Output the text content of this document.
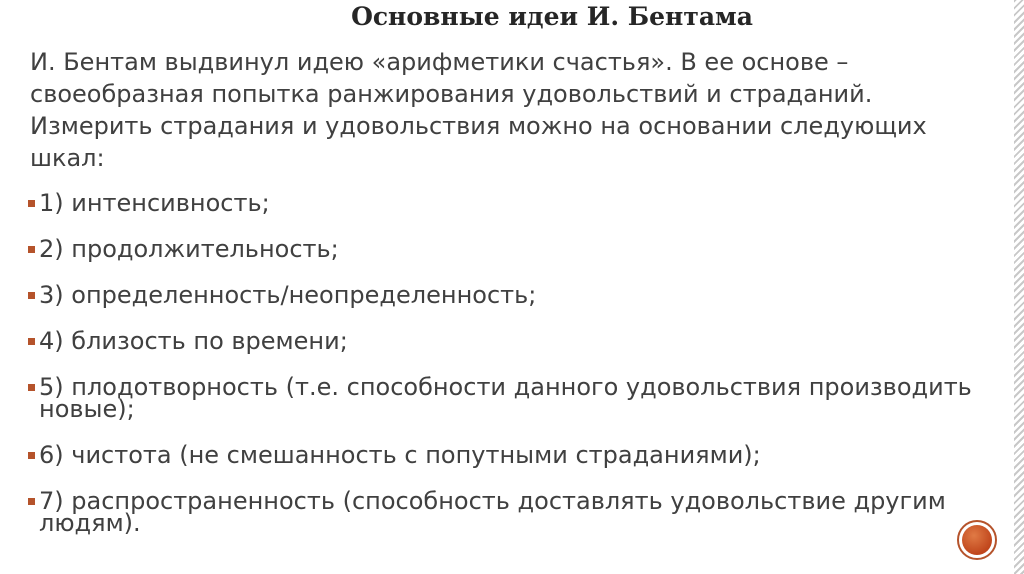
Основные идеи И. Бентама

И. Бентам выдвинул идею «арифметики счастья». В ее основе – своеобразная попытка ранжирования удовольствий и страданий. Измерить страдания и удовольствия можно на основании следующих шкал:

1) интенсивность;
2) продолжительность;
3) определенность/неопределенность;
4) близость по времени;
5) плодотворность (т.е. способности данного удовольствия производить новые);
6) чистота (не смешанность с попутными страданиями);
7) распространенность (способность доставлять удовольствие другим людям).
